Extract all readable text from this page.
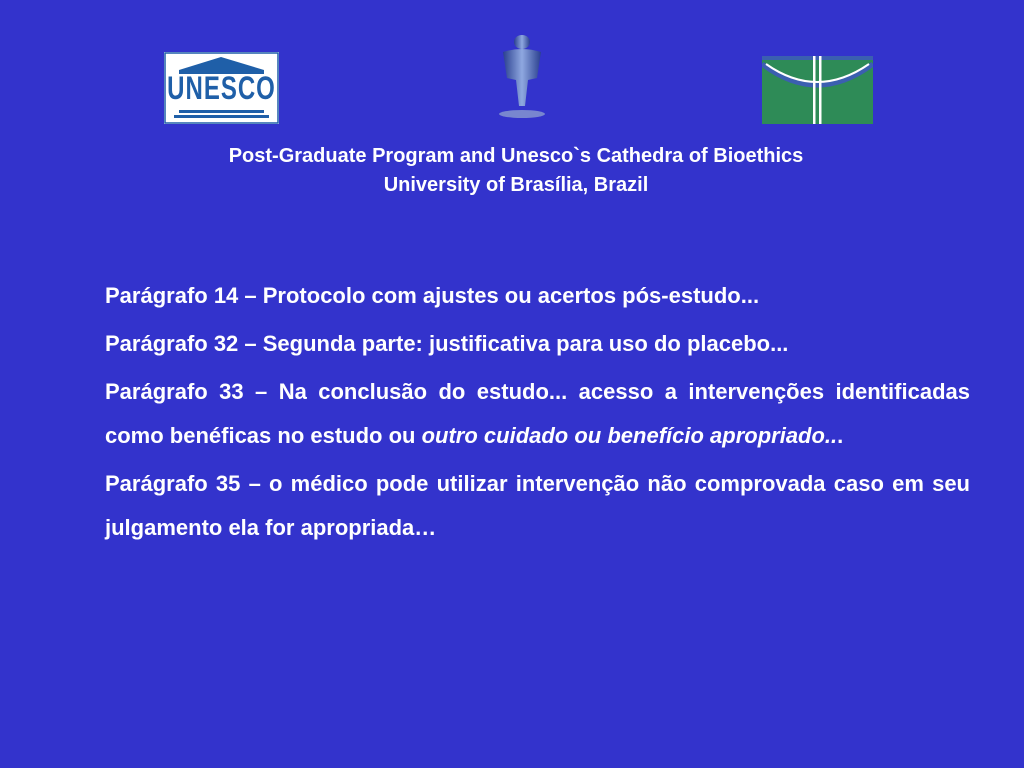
UNESCO
Post-Graduate Program and Unesco`s Cathedra of Bioethics
University of Brasília, Brazil

Parágrafo 14 – Protocolo com ajustes ou acertos pós-estudo...

Parágrafo 32 – Segunda parte: justificativa para uso do placebo...

Parágrafo 33 – Na conclusão do estudo... acesso a intervenções identificadas como benéficas no estudo ou outro cuidado ou benefício apropriado...

Parágrafo 35 – o médico pode utilizar intervenção não comprovada caso em seu julgamento ela for apropriada…
